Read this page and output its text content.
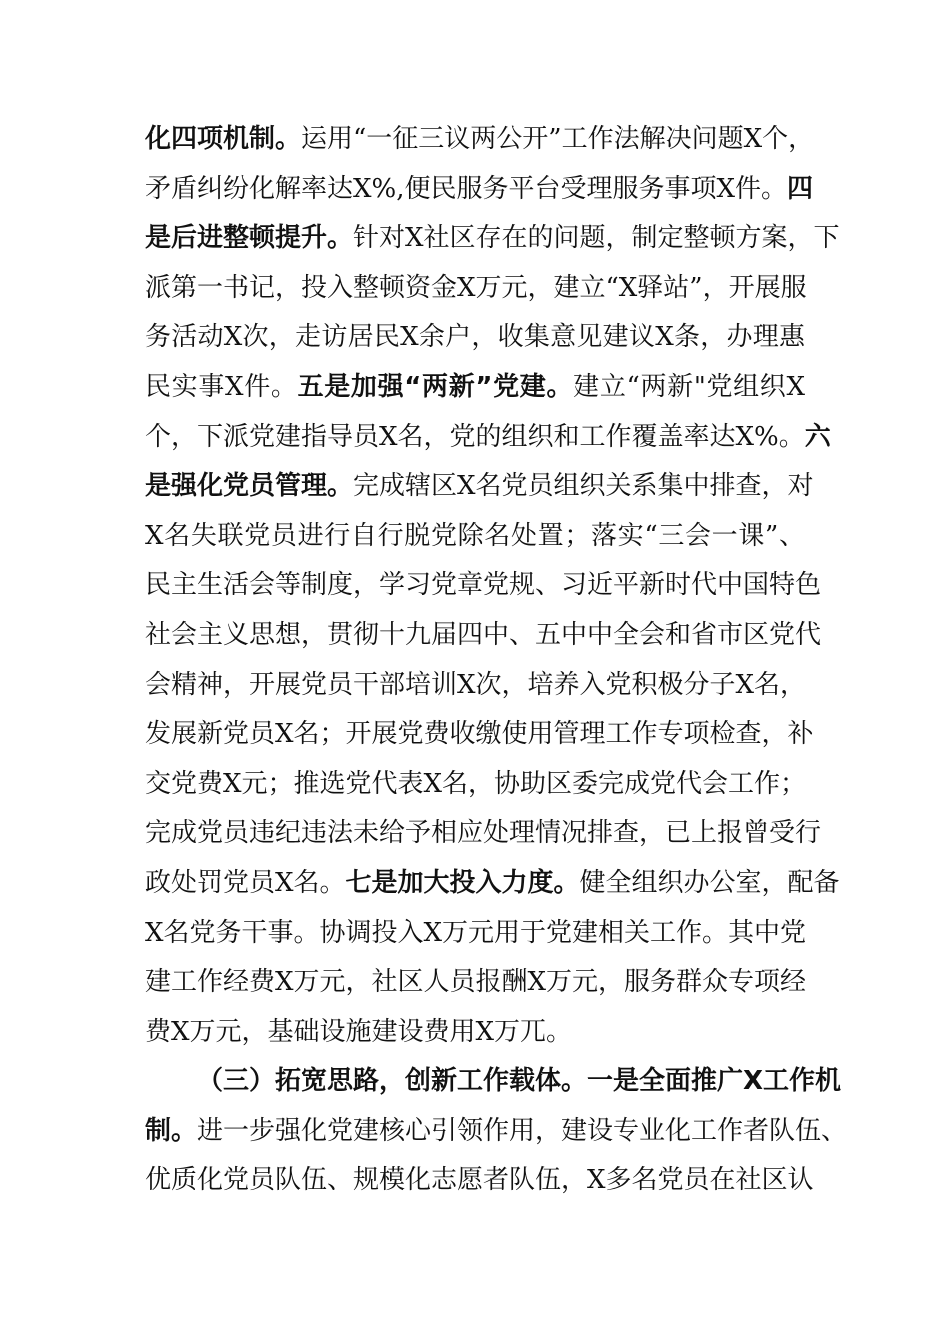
化四项机制。运用“一征三议两公开”工作法解决问题X个，
矛盾纠纷化解率达X%,便民服务平台受理服务事项X件。四
是后进整顿提升。针对X社区存在的问题，制定整顿方案，下
派第一书记，投入整顿资金X万元，建立“X驿站”，开展服
务活动X次，走访居民X余户，收集意见建议X条，办理惠
民实事X件。五是加强“两新”党建。建立“两新"党组织X
个，下派党建指导员X名，党的组织和工作覆盖率达X%。六
是强化党员管理。完成辖区X名党员组织关系集中排查，对
X名失联党员进行自行脱党除名处置；落实“三会一课”、
民主生活会等制度，学习党章党规、习近平新时代中国特色
社会主义思想，贯彻十九届四中、五中中全会和省市区党代
会精神，开展党员干部培训X次，培养入党积极分子X名，
发展新党员X名；开展党费收缴使用管理工作专项检查，补
交党费X元；推选党代表X名，协助区委完成党代会工作；
完成党员违纪违法未给予相应处理情况排查，已上报曾受行
政处罚党员X名。七是加大投入力度。健全组织办公室，配备
X名党务干事。协调投入X万元用于党建相关工作。其中党
建工作经费X万元，社区人员报酬X万元，服务群众专项经
费X万元，基础设施建设费用X万兀。
（三）拓宽思路，创新工作载体。一是全面推广X工作机
制。进一步强化党建核心引领作用，建设专业化工作者队伍、
优质化党员队伍、规模化志愿者队伍，X多名党员在社区认
